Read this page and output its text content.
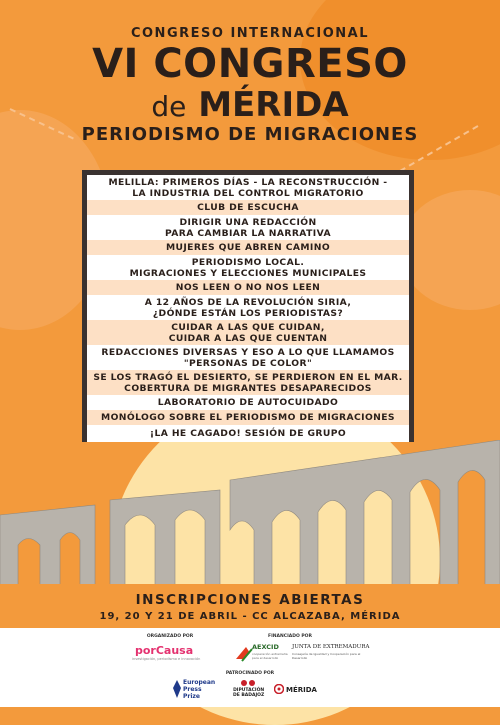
CONGRESO INTERNACIONAL
VI CONGRESO
de MÉRIDA
PERIODISMO DE MIGRACIONES
MELILLA: PRIMEROS DÍAS - LA RECONSTRUCCIÓN -
LA INDUSTRIA DEL CONTROL MIGRATORIO
CLUB DE ESCUCHA
DIRIGIR UNA REDACCIÓN
PARA CAMBIAR LA NARRATIVA
MUJERES QUE ABREN CAMINO
PERIODISMO LOCAL.
MIGRACIONES Y ELECCIONES MUNICIPALES
NOS LEEN O NO NOS LEEN
A 12 AÑOS DE LA REVOLUCIÓN SIRIA,
¿DÓNDE ESTÁN LOS PERIODISTAS?
CUIDAR A LAS QUE CUIDAN,
CUIDAR A LAS QUE CUENTAN
REDACCIONES DIVERSAS Y ESO A LO QUE LLAMAMOS
"PERSONAS DE COLOR"
SE LOS TRAGÓ EL DESIERTO, SE PERDIERON EN EL MAR.
COBERTURA DE MIGRANTES DESAPARECIDOS
LABORATORIO DE AUTOCUIDADO
MONÓLOGO SOBRE EL PERIODISMO DE MIGRACIONES
¡LA HE CAGADO! SESIÓN DE GRUPO
INSCRIPCIONES ABIERTAS
19, 20 Y 21 DE ABRIL - CC ALCAZABA, MÉRIDA
ORGANIZADO POR	FINANCIADO POR
PATROCINADO POR
porCausa
investigación, periodismo e innovación
AEXCID
cooperación extremeña
para el desarrollo
JUNTA DE EXTREMADURA
Consejería de Igualdad y Cooperación para el Desarrollo
European
Press
Prize
DIPUTACIÓN
DE BADAJOZ
MÉRIDA
